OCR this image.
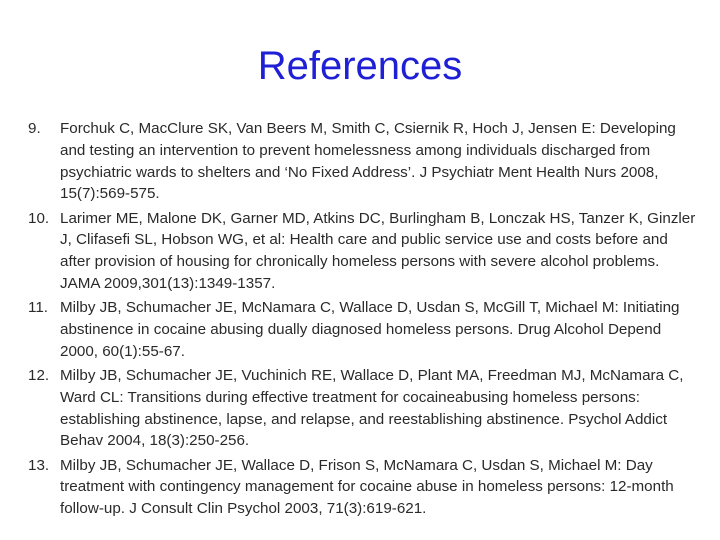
References
9.	Forchuk C, MacClure SK, Van Beers M, Smith C, Csiernik R, Hoch J, Jensen E: Developing and testing an intervention to prevent homelessness among individuals discharged from psychiatric wards to shelters and ‘No Fixed Address’. J Psychiatr Ment Health Nurs 2008, 15(7):569-575.
10. Larimer ME, Malone DK, Garner MD, Atkins DC, Burlingham B, Lonczak HS, Tanzer K, Ginzler J, Clifasefi SL, Hobson WG, et al: Health care and public service use and costs before and after provision of housing for chronically homeless persons with severe alcohol problems. JAMA 2009,301(13):1349-1357.
11. Milby JB, Schumacher JE, McNamara C, Wallace D, Usdan S, McGill T, Michael M: Initiating abstinence in cocaine abusing dually diagnosed homeless persons. Drug Alcohol Depend 2000, 60(1):55-67.
12. Milby JB, Schumacher JE, Vuchinich RE, Wallace D, Plant MA, Freedman MJ, McNamara C, Ward CL: Transitions during effective treatment for cocaineabusing homeless persons: establishing abstinence, lapse, and relapse, and reestablishing abstinence. Psychol Addict Behav 2004, 18(3):250-256.
13. Milby JB, Schumacher JE, Wallace D, Frison S, McNamara C, Usdan S, Michael M: Day treatment with contingency management for cocaine abuse in homeless persons: 12-month follow-up. J Consult Clin Psychol 2003, 71(3):619-621.
